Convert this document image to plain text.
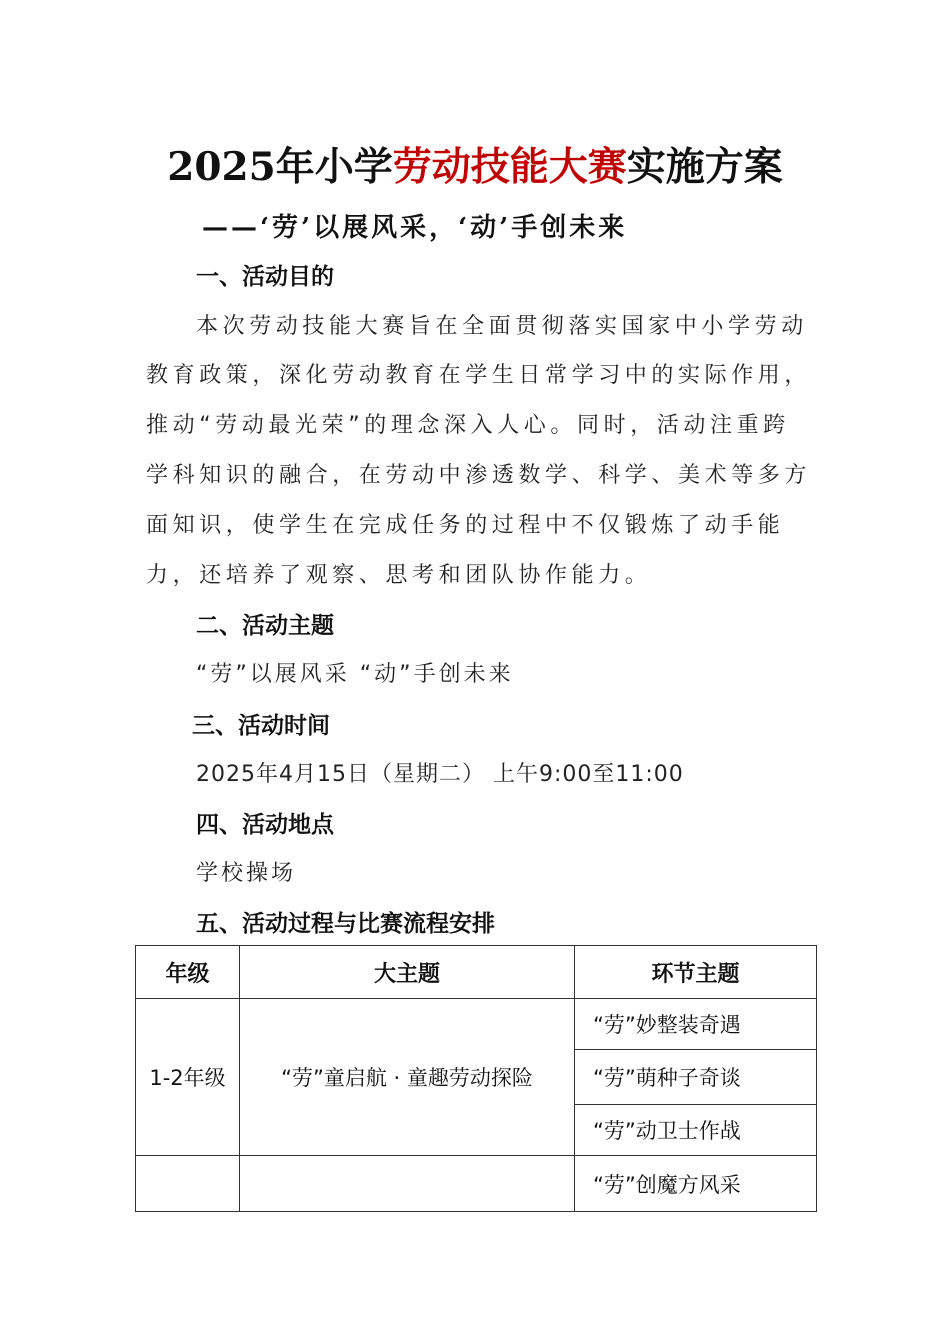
2025年小学劳动技能大赛实施方案
——‘劳’以展风采，‘动’手创未来
一、活动目的
本次劳动技能大赛旨在全面贯彻落实国家中小学劳动
教育政策，深化劳动教育在学生日常学习中的实际作用，
推动“劳动最光荣”的理念深入人心。同时，活动注重跨
学科知识的融合，在劳动中渗透数学、科学、美术等多方
面知识，使学生在完成任务的过程中不仅锻炼了动手能
力，还培养了观察、思考和团队协作能力。
二、活动主题
“劳”以展风采 “动”手创未来
三、活动时间
2025年4月15日（星期二） 上午9:00至11:00
四、活动地点
学校操场
五、活动过程与比赛流程安排
年级	大主题	环节主题
1-2年级	“劳”童启航 · 童趣劳动探险	“劳”妙整装奇遇
		“劳”萌种子奇谈
		“劳”动卫士作战
		“劳”创魔方风采
